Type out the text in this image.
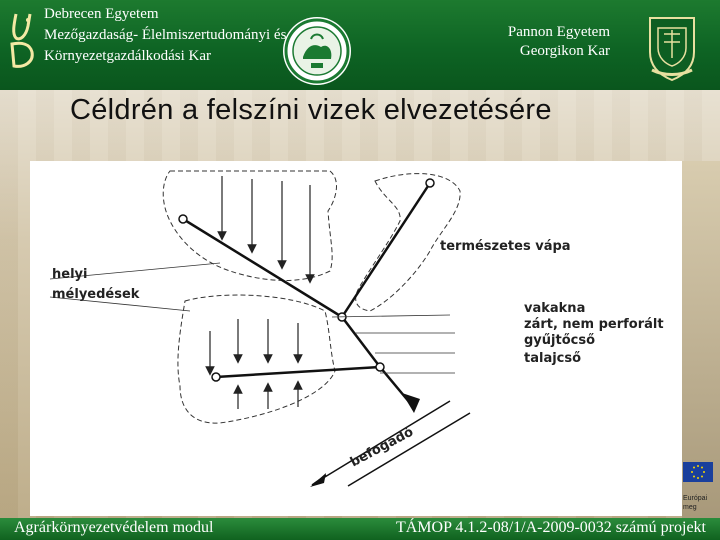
Debrecen Egyetem
Mezőgazdaság- Élelmiszertudományi és
Környezetgazdálkodási Kar
Pannon Egyetem
Georgikon Kar
Céldrén a felszíni vizek elvezetésére
helyi
mélyedések
természetes vápa
vakakna
zárt, nem perforált
gyűjtőcső
talajcső
befogadó
Európai
meg
Agrárkörnyezetvédelem modul	TÁMOP 4.1.2-08/1/A-2009-0032 számú projekt
